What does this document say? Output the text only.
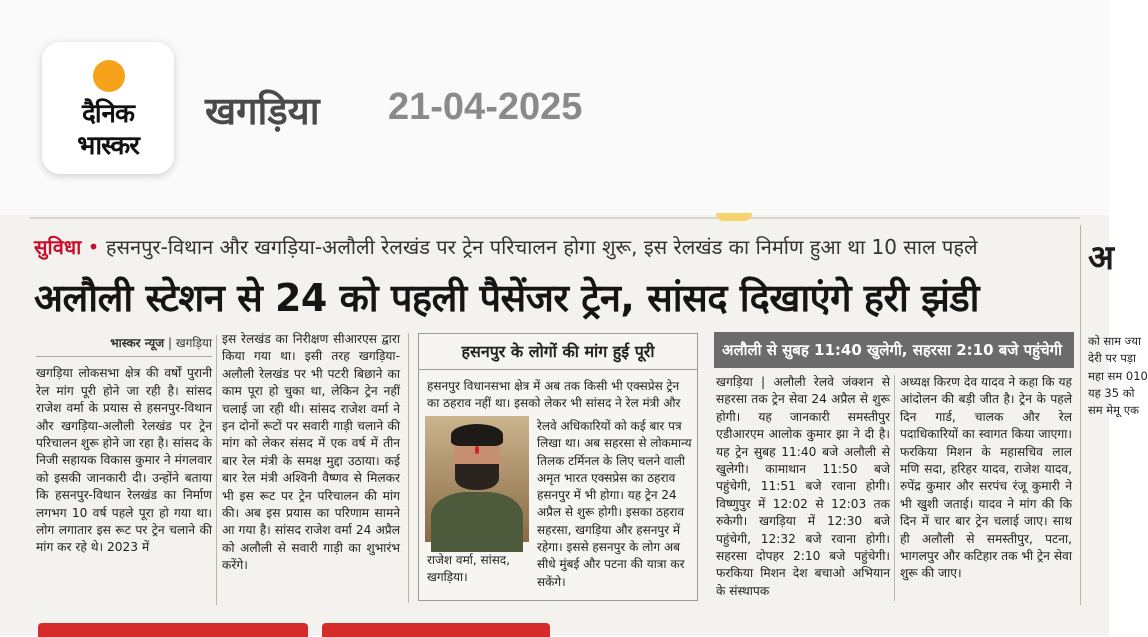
दैनिक
भास्कर
खगड़िया 21-04-2025
सुविधा • हसनपुर-विथान और खगड़िया-अलौली रेलखंड पर ट्रेन परिचालन होगा शुरू, इस रेलखंड का निर्माण हुआ था 10 साल पहले
अलौली स्टेशन से 24 को पहली पैसेंजर ट्रेन, सांसद दिखाएंगे हरी झंडी
भास्कर न्यूज | खगड़िया
खगड़िया लोकसभा क्षेत्र की वर्षों पुरानी रेल मांग पूरी होने जा रही है। सांसद राजेश वर्मा के प्रयास से हसनपुर-विथान और खगड़िया-अलौली रेलखंड पर ट्रेन परिचालन शुरू होने जा रहा है। सांसद के निजी सहायक विकास कुमार ने मंगलवार को इसकी जानकारी दी। उन्होंने बताया कि हसनपुर-विथान रेलखंड का निर्माण लगभग 10 वर्ष पहले पूरा हो गया था। लोग लगातार इस रूट पर ट्रेन चलाने की मांग कर रहे थे। 2023 में
इस रेलखंड का निरीक्षण सीआरएस द्वारा किया गया था। इसी तरह खगड़िया-अलौली रेलखंड पर भी पटरी बिछाने का काम पूरा हो चुका था, लेकिन ट्रेन नहीं चलाई जा रही थी। सांसद राजेश वर्मा ने इन दोनों रूटों पर सवारी गाड़ी चलाने की मांग को लेकर संसद में एक वर्ष में तीन बार रेल मंत्री के समक्ष मुद्दा उठाया। कई बार रेल मंत्री अश्विनी वैष्णव से मिलकर भी इस रूट पर ट्रेन परिचालन की मांग की। अब इस प्रयास का परिणाम सामने आ गया है। सांसद राजेश वर्मा 24 अप्रैल को अलौली से सवारी गाड़ी का शुभारंभ करेंगे।
हसनपुर के लोगों की मांग हुई पूरी
हसनपुर विधानसभा क्षेत्र में अब तक किसी भी एक्सप्रेस ट्रेन का ठहराव नहीं था। इसको लेकर भी सांसद ने रेल मंत्री और
राजेश वर्मा, सांसद, खगड़िया।
रेलवे अधिकारियों को कई बार पत्र लिखा था। अब सहरसा से लोकमान्य तिलक टर्मिनल के लिए चलने वाली अमृत भारत एक्सप्रेस का ठहराव हसनपुर में भी होगा। यह ट्रेन 24 अप्रैल से शुरू होगी। इसका ठहराव सहरसा, खगड़िया और हसनपुर में रहेगा। इससे हसनपुर के लोग अब सीधे मुंबई और पटना की यात्रा कर सकेंगे।
अलौली से सुबह 11:40 खुलेगी, सहरसा 2:10 बजे पहुंचेगी
खगड़िया | अलौली रेलवे जंक्शन से सहरसा तक ट्रेन सेवा 24 अप्रैल से शुरू होगी। यह जानकारी समस्तीपुर एडीआरएम आलोक कुमार झा ने दी है। यह ट्रेन सुबह 11:40 बजे अलौली से खुलेगी। कामाथान 11:50 बजे पहुंचेगी, 11:51 बजे रवाना होगी। विष्णुपुर में 12:02 से 12:03 तक रुकेगी। खगड़िया में 12:30 बजे पहुंचेगी, 12:32 बजे रवाना होगी। सहरसा दोपहर 2:10 बजे पहुंचेगी। फरकिया मिशन देश बचाओ अभियान के संस्थापक
अध्यक्ष किरण देव यादव ने कहा कि यह आंदोलन की बड़ी जीत है। ट्रेन के पहले दिन गार्ड, चालक और रेल पदाधिकारियों का स्वागत किया जाएगा। फरकिया मिशन के महासचिव लाल मणि सदा, हरिहर यादव, राजेश यादव, रुपेंद्र कुमार और सरपंच रंजू कुमारी ने भी खुशी जताई। यादव ने मांग की कि दिन में चार बार ट्रेन चलाई जाए। साथ ही अलौली से समस्तीपुर, पटना, भागलपुर और कटिहार तक भी ट्रेन सेवा शुरू की जाए।
अ
को साम ज्या देरी पर पड़ा महा सम 010 यह 35 को सम मेमू एक
